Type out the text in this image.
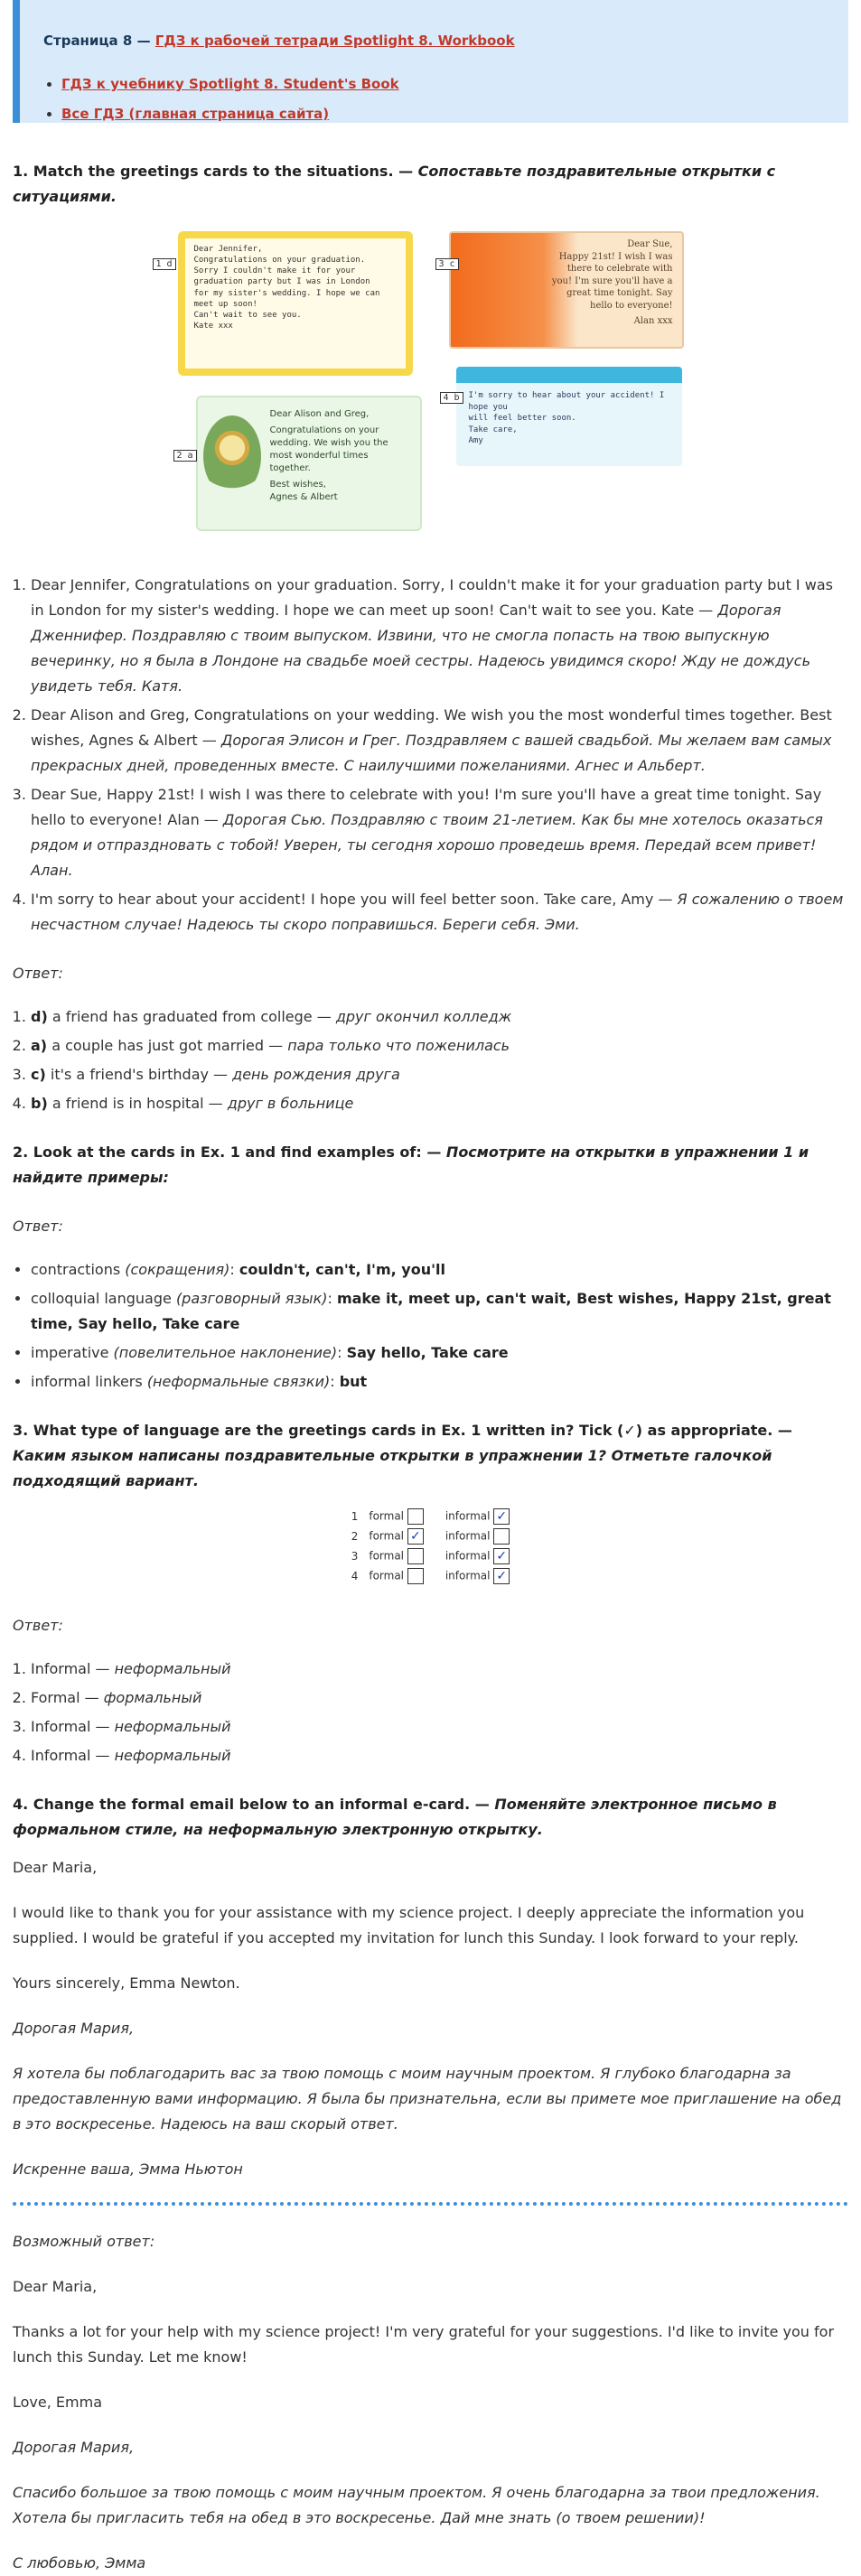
Страница 8 — ГДЗ к рабочей тетради Spotlight 8. Workbook

• ГДЗ к учебнику Spotlight 8. Student's Book
• Все ГДЗ (главная страница сайта)
1. Match the greetings cards to the situations. — Сопоставьте поздравительные открытки с ситуациями.
Dear Jennifer,
Congratulations on your graduation.
Sorry I couldn't make it for your
graduation party but I was in London
for my sister's wedding. I hope we can
meet up soon!
Can't wait to see you.
Kate xxx
1 d
Dear Alison and Greg,
Congratulations on your
wedding. We wish you the
most wonderful times
together.
Best wishes,
Agnes & Albert
2 a
Dear Sue,
Happy 21st! I wish I was
there to celebrate with
you! I'm sure you'll have a
great time tonight. Say
hello to everyone!
Alan xxx
3 c
I'm sorry to hear about your accident! I hope you
will feel better soon.
Take care,
Amy
4 b
1. Dear Jennifer, Congratulations on your graduation. Sorry, I couldn't make it for your graduation party but I was in London for my sister's wedding. I hope we can meet up soon! Can't wait to see you. Kate — Дорогая Дженнифер. Поздравляю с твоим выпуском. Извини, что не смогла попасть на твою выпускную вечеринку, но я была в Лондоне на свадьбе моей сестры. Надеюсь увидимся скоро! Жду не дождусь увидеть тебя. Катя.
2. Dear Alison and Greg, Congratulations on your wedding. We wish you the most wonderful times together. Best wishes, Agnes & Albert — Дорогая Элисон и Грег. Поздравляем с вашей свадьбой. Мы желаем вам самых прекрасных дней, проведенных вместе. С наилучшими пожеланиями. Агнес и Альберт.
3. Dear Sue, Happy 21st! I wish I was there to celebrate with you! I'm sure you'll have a great time tonight. Say hello to everyone! Alan — Дорогая Сью. Поздравляю с твоим 21-летием. Как бы мне хотелось оказаться рядом и отпраздновать с тобой! Уверен, ты сегодня хорошо проведешь время. Передай всем привет! Алан.
4. I'm sorry to hear about your accident! I hope you will feel better soon. Take care, Amy — Я сожалению о твоем несчастном случае! Надеюсь ты скоро поправишься. Береги себя. Эми.

Ответ:

1. d) a friend has graduated from college — друг окончил колледж
2. a) a couple has just got married — пара только что поженилась
3. c) it's a friend's birthday — день рождения друга
4. b) a friend is in hospital — друг в больнице
2. Look at the cards in Ex. 1 and find examples of: — Посмотрите на открытки в упражнении 1 и найдите примеры:

Ответ:

• contractions (сокращения): couldn't, can't, I'm, you'll
• colloquial language (разговорный язык): make it, meet up, can't wait, Best wishes, Happy 21st, great time, Say hello, Take care
• imperative (повелительное наклонение): Say hello, Take care
• informal linkers (неформальные связки): but
3. What type of language are the greetings cards in Ex. 1 written in? Tick (✓) as appropriate. — Каким языком написаны поздравительные открытки в упражнении 1? Отметьте галочкой подходящий вариант.
1	formal	informal ✓
2	formal ✓	informal
3	formal	informal ✓
4	formal	informal ✓

Ответ:

1. Informal — неформальный
2. Formal — формальный
3. Informal — неформальный
4. Informal — неформальный
4. Change the formal email below to an informal e-card. — Поменяйте электронное письмо в формальном стиле, на неформальную электронную открытку.

Dear Maria,

I would like to thank you for your assistance with my science project. I deeply appreciate the information you supplied. I would be grateful if you accepted my invitation for lunch this Sunday. I look forward to your reply.

Yours sincerely, Emma Newton.

Дорогая Мария,

Я хотела бы поблагодарить вас за твою помощь с моим научным проектом. Я глубоко благодарна за предоставленную вами информацию. Я была бы признательна, если вы примете мое приглашение на обед в это воскресенье. Надеюсь на ваш скорый ответ.

Искренне ваша, Эмма Ньютон

Возможный ответ:

Dear Maria,

Thanks a lot for your help with my science project! I'm very grateful for your suggestions. I'd like to invite you for lunch this Sunday. Let me know!

Love, Emma

Дорогая Мария,

Спасибо большое за твою помощь с моим научным проектом. Я очень благодарна за твои предложения. Хотела бы пригласить тебя на обед в это воскресенье. Дай мне знать (о твоем решении)!

С любовью, Эмма
